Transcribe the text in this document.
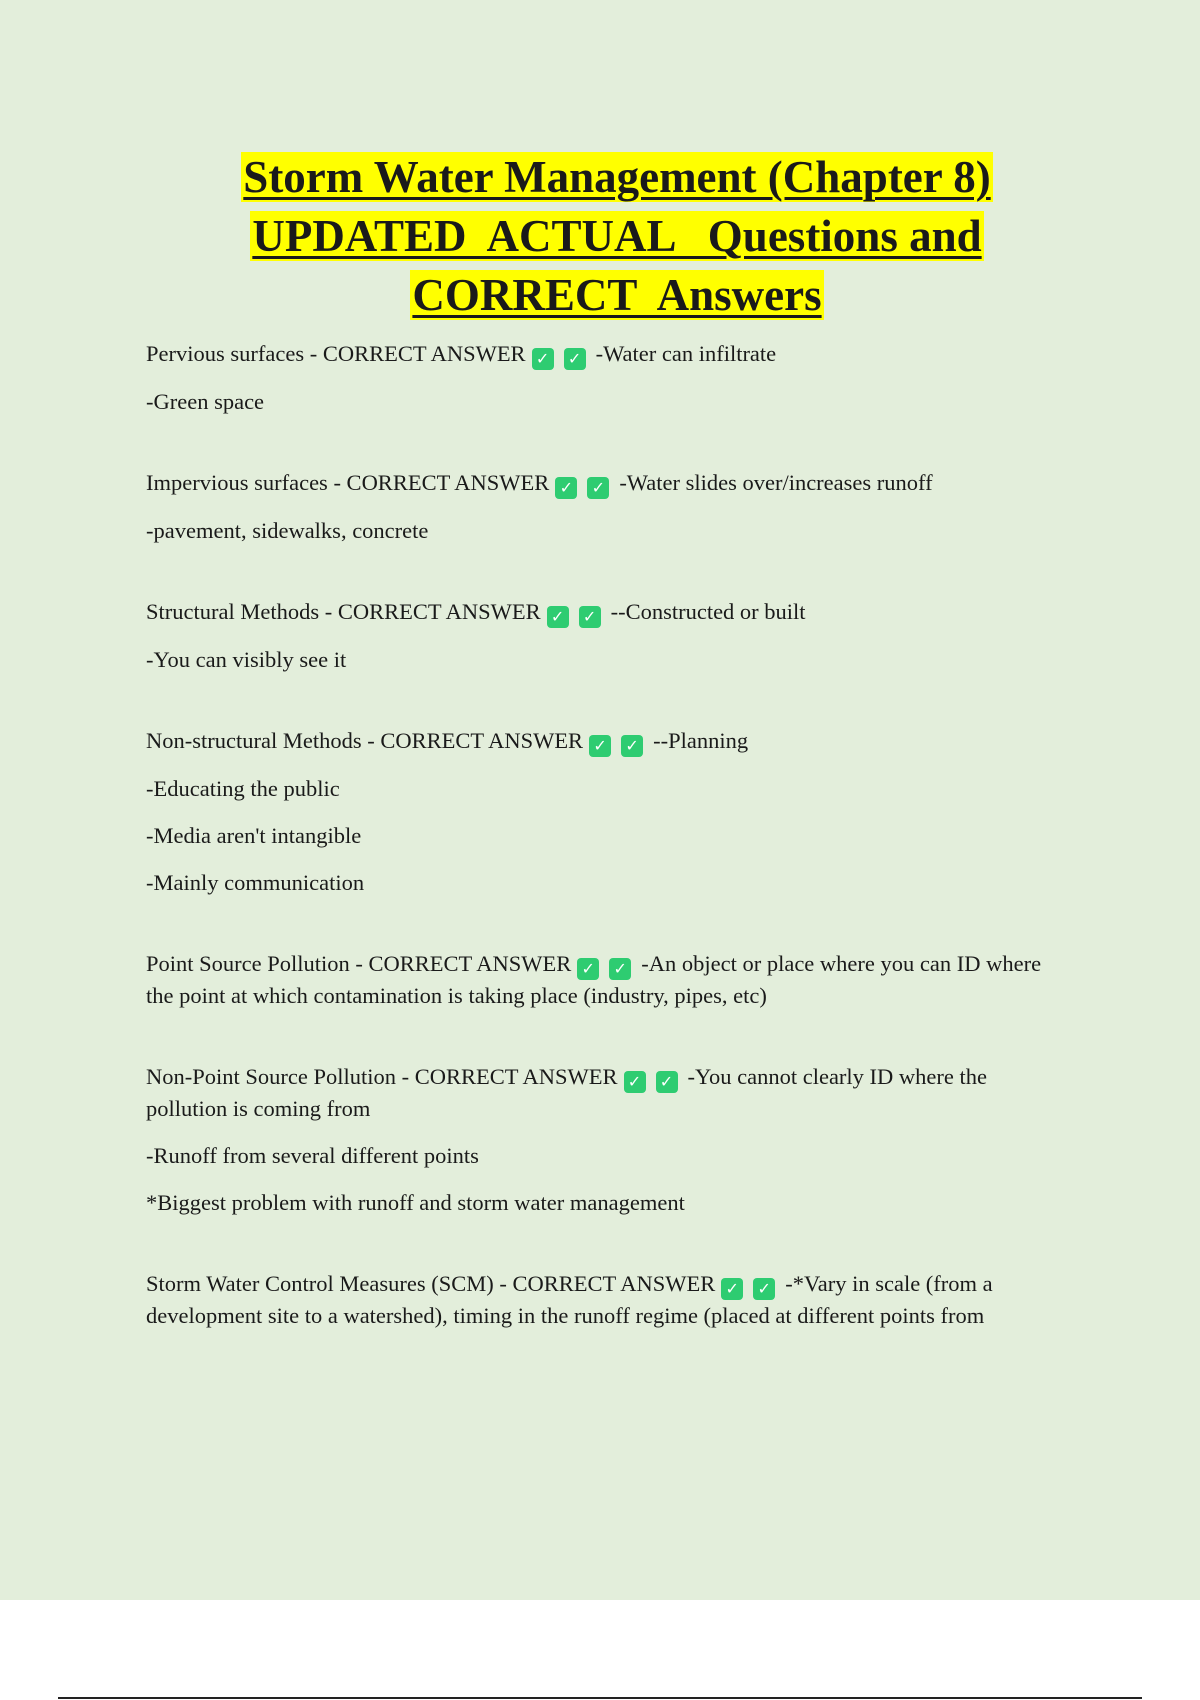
Storm Water Management (Chapter 8)
UPDATED  ACTUAL   Questions and
CORRECT  Answers

Pervious surfaces - CORRECT ANSWER ✓ ✓ -Water can infiltrate

-Green space

Impervious surfaces - CORRECT ANSWER ✓ ✓ -Water slides over/increases runoff

-pavement, sidewalks, concrete

Structural Methods - CORRECT ANSWER ✓ ✓ --Constructed or built

-You can visibly see it

Non-structural Methods - CORRECT ANSWER ✓ ✓ --Planning

-Educating the public

-Media aren't intangible

-Mainly communication

Point Source Pollution - CORRECT ANSWER ✓ ✓ -An object or place where you can ID where the point at which contamination is taking place (industry, pipes, etc)

Non-Point Source Pollution - CORRECT ANSWER ✓ ✓ -You cannot clearly ID where the pollution is coming from

-Runoff from several different points

*Biggest problem with runoff and storm water management

Storm Water Control Measures (SCM) - CORRECT ANSWER ✓ ✓ -*Vary in scale (from a development site to a watershed), timing in the runoff regime (placed at different points from
